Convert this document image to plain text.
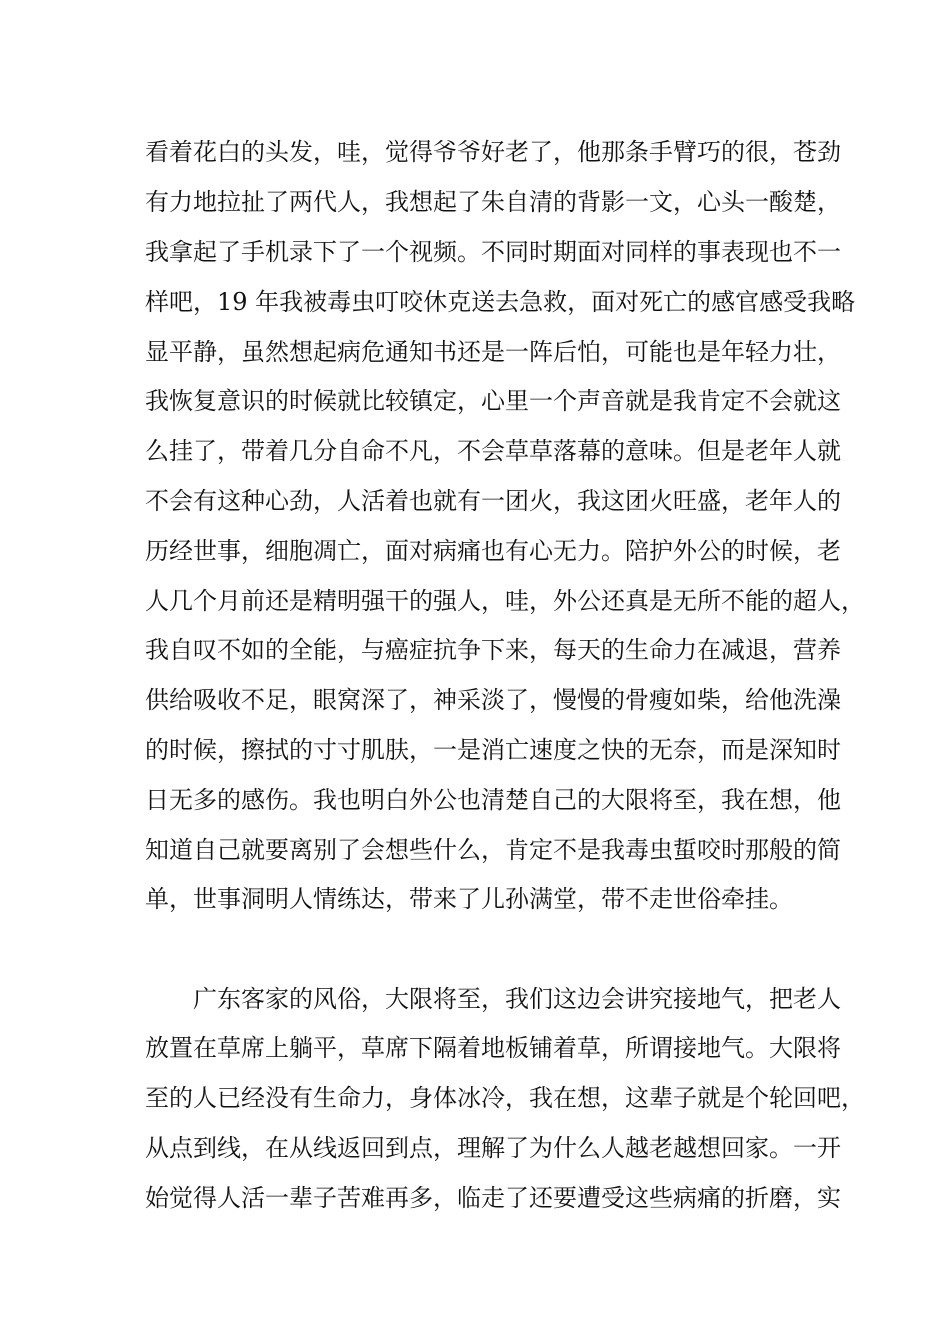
看着花白的头发，哇，觉得爷爷好老了，他那条手臂巧的很，苍劲
有力地拉扯了两代人，我想起了朱自清的背影一文，心头一酸楚，
我拿起了手机录下了一个视频。不同时期面对同样的事表现也不一
样吧，19 年我被毒虫叮咬休克送去急救，面对死亡的感官感受我略
显平静，虽然想起病危通知书还是一阵后怕，可能也是年轻力壮，
我恢复意识的时候就比较镇定，心里一个声音就是我肯定不会就这
么挂了，带着几分自命不凡，不会草草落幕的意味。但是老年人就
不会有这种心劲，人活着也就有一团火，我这团火旺盛，老年人的
历经世事，细胞凋亡，面对病痛也有心无力。陪护外公的时候，老
人几个月前还是精明强干的强人，哇，外公还真是无所不能的超人，
我自叹不如的全能，与癌症抗争下来，每天的生命力在减退，营养
供给吸收不足，眼窝深了，神采淡了，慢慢的骨瘦如柴，给他洗澡
的时候，擦拭的寸寸肌肤，一是消亡速度之快的无奈，而是深知时
日无多的感伤。我也明白外公也清楚自己的大限将至，我在想，他
知道自己就要离别了会想些什么，肯定不是我毒虫蜇咬时那般的简
单，世事洞明人情练达，带来了儿孙满堂，带不走世俗牵挂。
广东客家的风俗，大限将至，我们这边会讲究接地气，把老人
放置在草席上躺平，草席下隔着地板铺着草，所谓接地气。大限将
至的人已经没有生命力，身体冰冷，我在想，这辈子就是个轮回吧，
从点到线，在从线返回到点，理解了为什么人越老越想回家。一开
始觉得人活一辈子苦难再多，临走了还要遭受这些病痛的折磨，实
